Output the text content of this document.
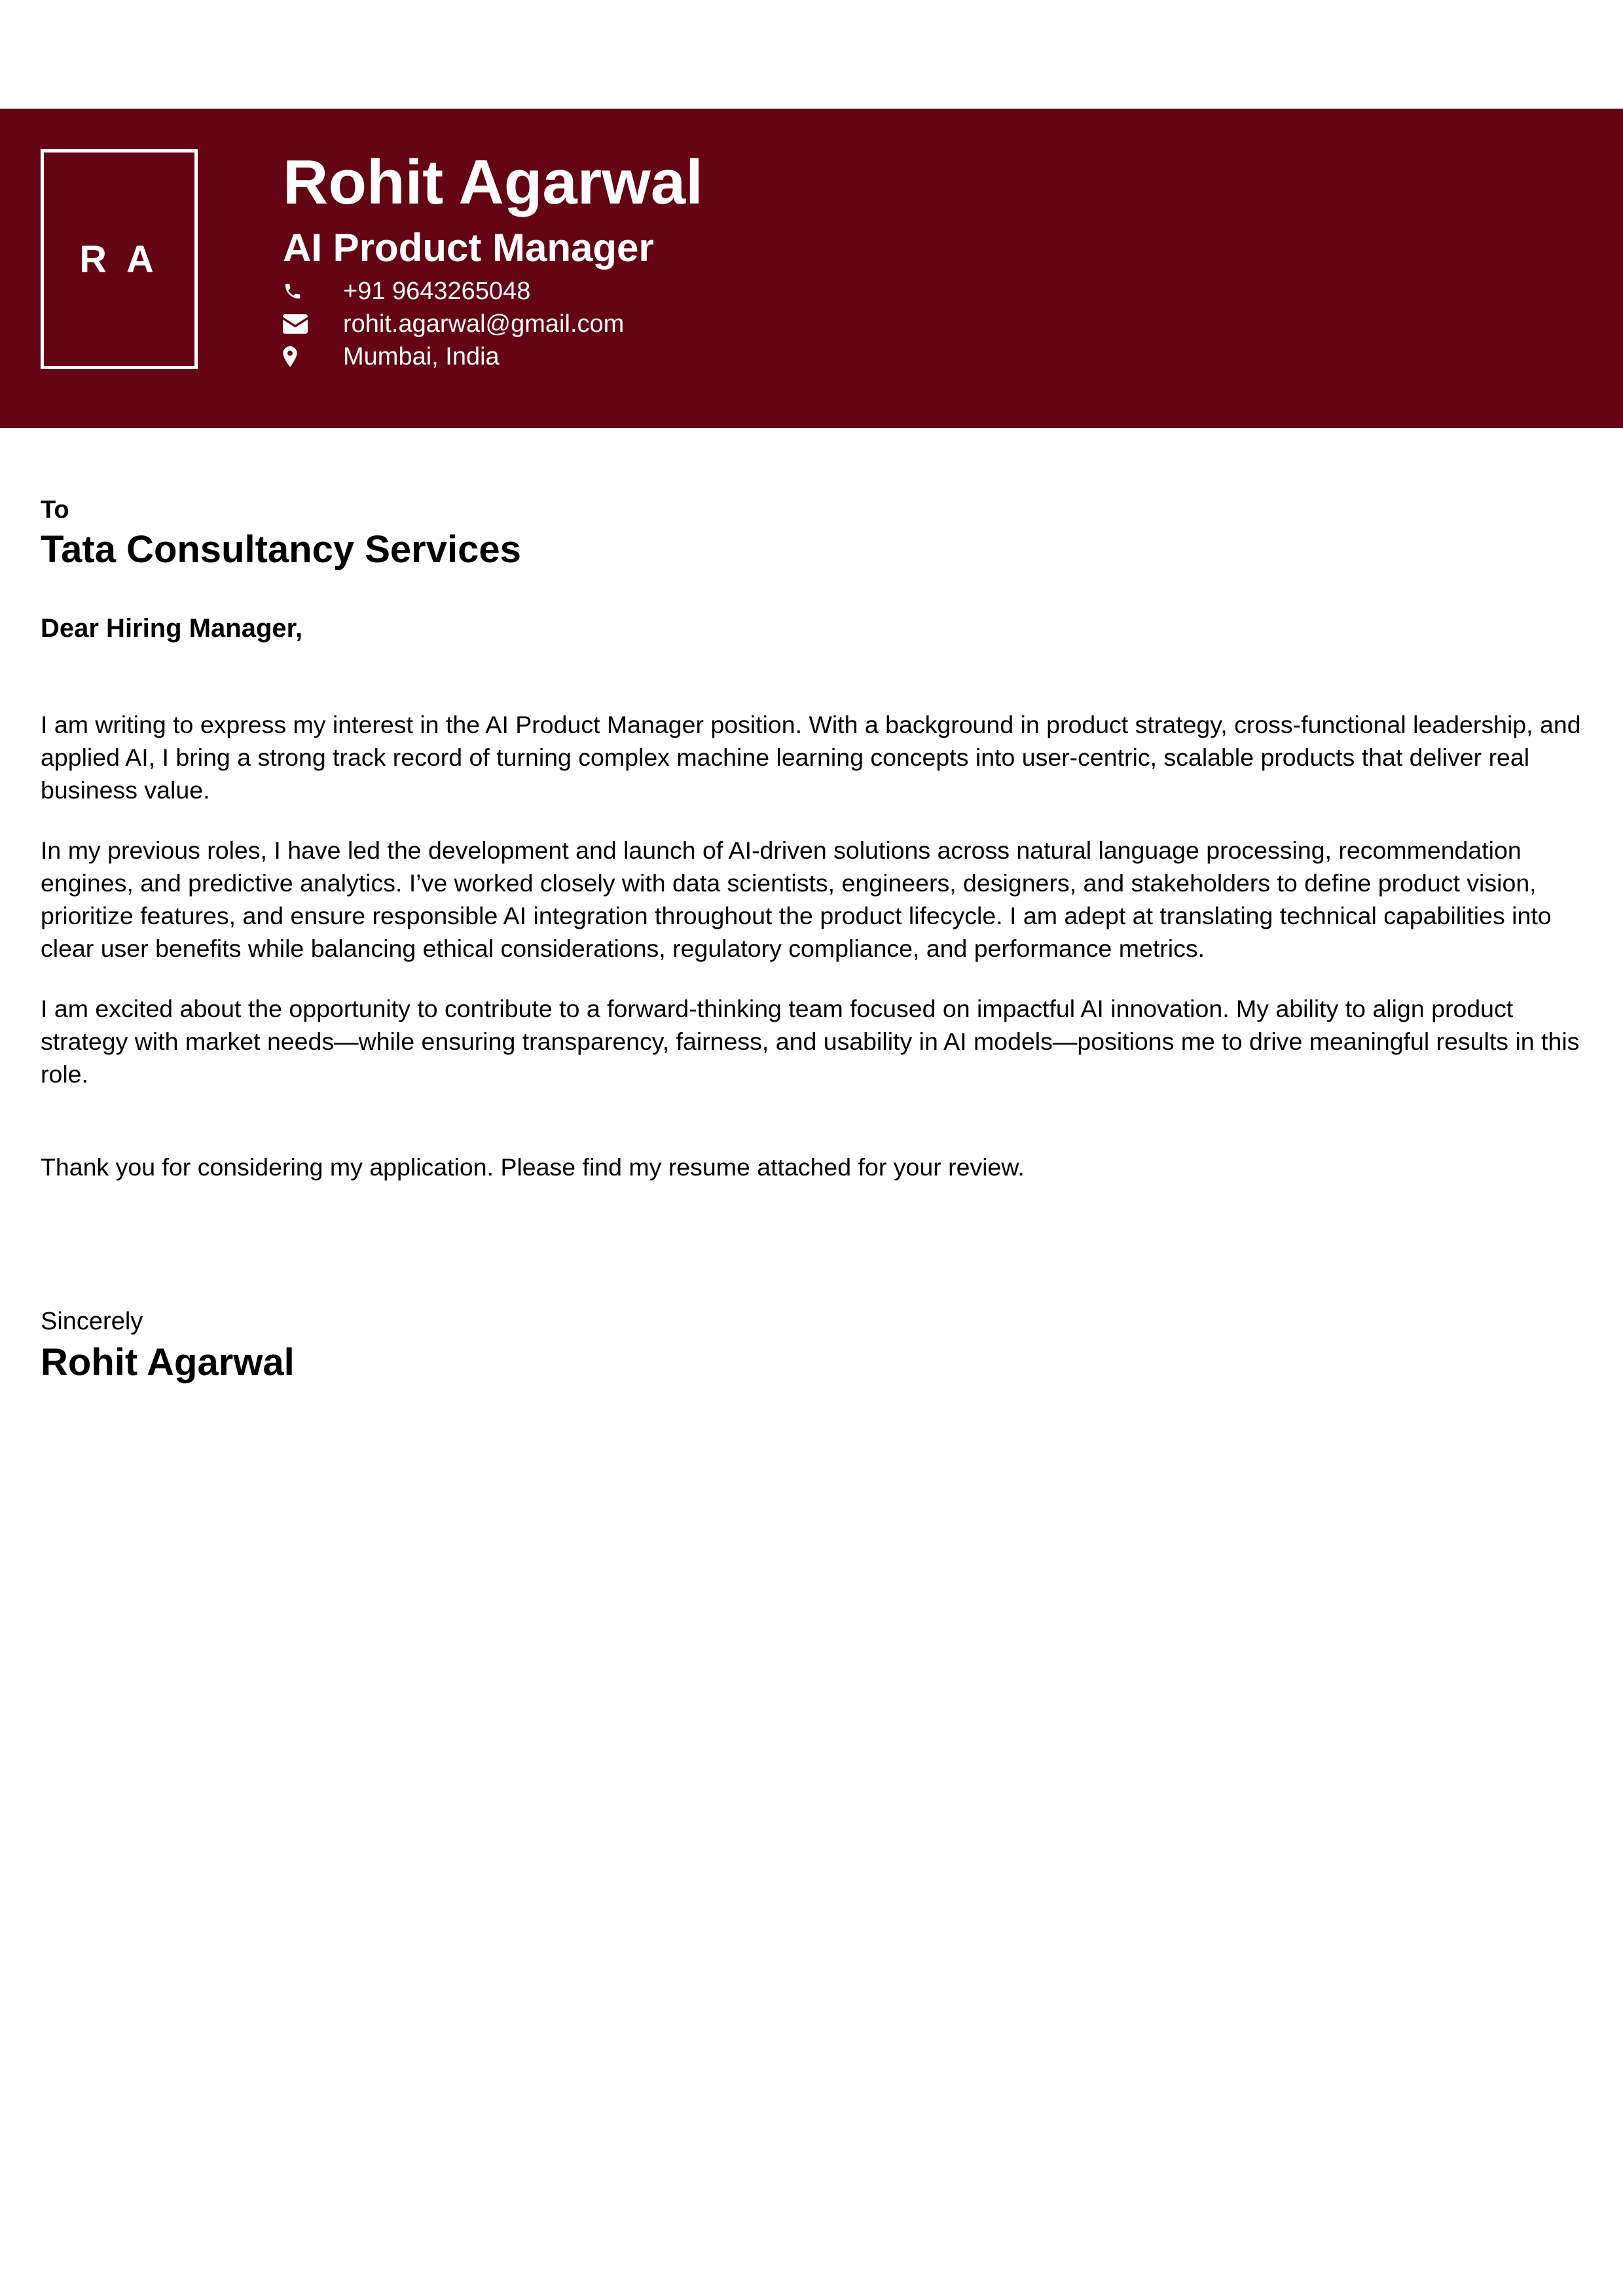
R A
Rohit Agarwal
AI Product Manager
+91 9643265048
rohit.agarwal@gmail.com
Mumbai, India
To
Tata Consultancy Services
Dear Hiring Manager,

I am writing to express my interest in the AI Product Manager position. With a background in product strategy, cross-functional leadership, and applied AI, I bring a strong track record of turning complex machine learning concepts into user-centric, scalable products that deliver real business value.

In my previous roles, I have led the development and launch of AI-driven solutions across natural language processing, recommendation engines, and predictive analytics. I’ve worked closely with data scientists, engineers, designers, and stakeholders to define product vision, prioritize features, and ensure responsible AI integration throughout the product lifecycle. I am adept at translating technical capabilities into clear user benefits while balancing ethical considerations, regulatory compliance, and performance metrics.

I am excited about the opportunity to contribute to a forward-thinking team focused on impactful AI innovation. My ability to align product strategy with market needs—while ensuring transparency, fairness, and usability in AI models—positions me to drive meaningful results in this role.

Thank you for considering my application. Please find my resume attached for your review.

Sincerely
Rohit Agarwal
